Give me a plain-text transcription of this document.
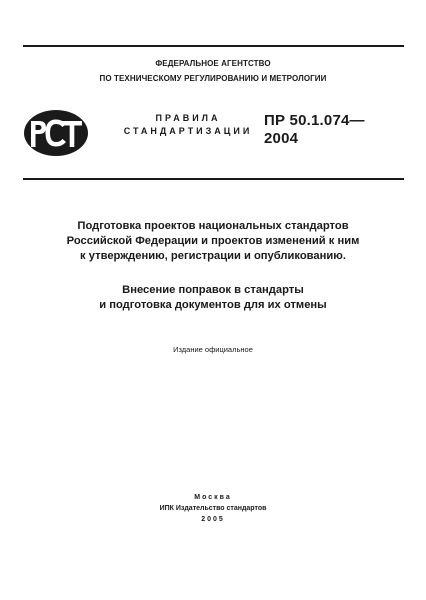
ФЕДЕРАЛЬНОЕ АГЕНТСТВО
ПО ТЕХНИЧЕСКОМУ РЕГУЛИРОВАНИЮ И МЕТРОЛОГИИ
ПРАВИЛА
СТАНДАРТИЗАЦИИ
ПР 50.1.074—
2004
Подготовка проектов национальных стандартов
Российской Федерации и проектов изменений к ним
к утверждению, регистрации и опубликованию.
Внесение поправок в стандарты
и подготовка документов для их отмены
Издание официальное
Москва
ИПК Издательство стандартов
2005
